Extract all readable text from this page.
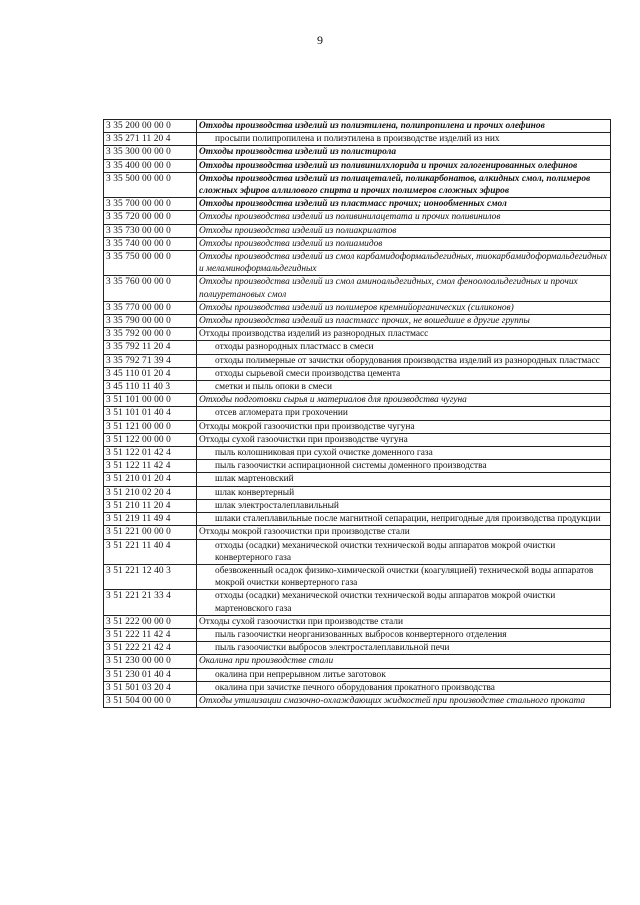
9
3 35 200 00 00 0	Отходы производства изделий из полиэтилена, полипропилена и прочих олефинов
3 35 271 11 20 4	просыпи полипропилена и полиэтилена в производстве изделий из них
3 35 300 00 00 0	Отходы производства изделий из полистирола
3 35 400 00 00 0	Отходы производства изделий из поливинилхлорида и прочих галогенированных олефинов
3 35 500 00 00 0	Отходы производства изделий из полиацеталей, поликарбонатов, алкидных смол, полимеров сложных эфиров аллилового спирта и прочих полимеров сложных эфиров
3 35 700 00 00 0	Отходы производства изделий из пластмасс прочих; ионообменных смол
3 35 720 00 00 0	Отходы производства изделий из поливинилацетата и прочих поливинилов
3 35 730 00 00 0	Отходы производства изделий из полиакрилатов
3 35 740 00 00 0	Отходы производства изделий из полиамидов
3 35 750 00 00 0	Отходы производства изделий из смол карбамидоформальдегидных, тиокарбамидоформальдегидных и меламиноформальдегидных
3 35 760 00 00 0	Отходы производства изделий из смол аминоальдегидных, смол феноолоальдегидных и прочих полиуретановых смол
3 35 770 00 00 0	Отходы производства изделий из полимеров кремнийорганических (силиконов)
3 35 790 00 00 0	Отходы производства изделий из пластмасс прочих, не вошедшие в другие группы
3 35 792 00 00 0	Отходы производства изделий из разнородных пластмасс
3 35 792 11 20 4	отходы разнородных пластмасс в смеси
3 35 792 71 39 4	отходы полимерные от зачистки оборудования производства изделий из разнородных пластмасс
3 45 110 01 20 4	отходы сырьевой смеси производства цемента
3 45 110 11 40 3	сметки и пыль опоки в смеси
3 51 101 00 00 0	Отходы подготовки сырья и материалов для производства чугуна
3 51 101 01 40 4	отсев агломерата при грохочении
3 51 121 00 00 0	Отходы мокрой газоочистки при производстве чугуна
3 51 122 00 00 0	Отходы сухой газоочистки при производстве чугуна
3 51 122 01 42 4	пыль колошниковая при сухой очистке доменного газа
3 51 122 11 42 4	пыль газоочистки аспирационной системы доменного производства
3 51 210 01 20 4	шлак мартеновский
3 51 210 02 20 4	шлак конвертерный
3 51 210 11 20 4	шлак электросталеплавильный
3 51 219 11 49 4	шлаки сталеплавильные после магнитной сепарации, непригодные для производства продукции
3 51 221 00 00 0	Отходы мокрой газоочистки при производстве стали
3 51 221 11 40 4	отходы (осадки) механической очистки технической воды аппаратов мокрой очистки конвертерного газа
3 51 221 12 40 3	обезвоженный осадок физико-химической очистки (коагуляцией) технической воды аппаратов мокрой очистки конвертерного газа
3 51 221 21 33 4	отходы (осадки) механической очистки технической воды аппаратов мокрой очистки мартеновского газа
3 51 222 00 00 0	Отходы сухой газоочистки при производстве стали
3 51 222 11 42 4	пыль газоочистки неорганизованных выбросов конвертерного отделения
3 51 222 21 42 4	пыль газоочистки выбросов электросталеплавильной печи
3 51 230 00 00 0	Окалина при производстве стали
3 51 230 01 40 4	окалина при непрерывном литье заготовок
3 51 501 03 20 4	окалина при зачистке печного оборудования прокатного производства
3 51 504 00 00 0	Отходы утилизации смазочно-охлаждающих жидкостей при производстве стального проката
